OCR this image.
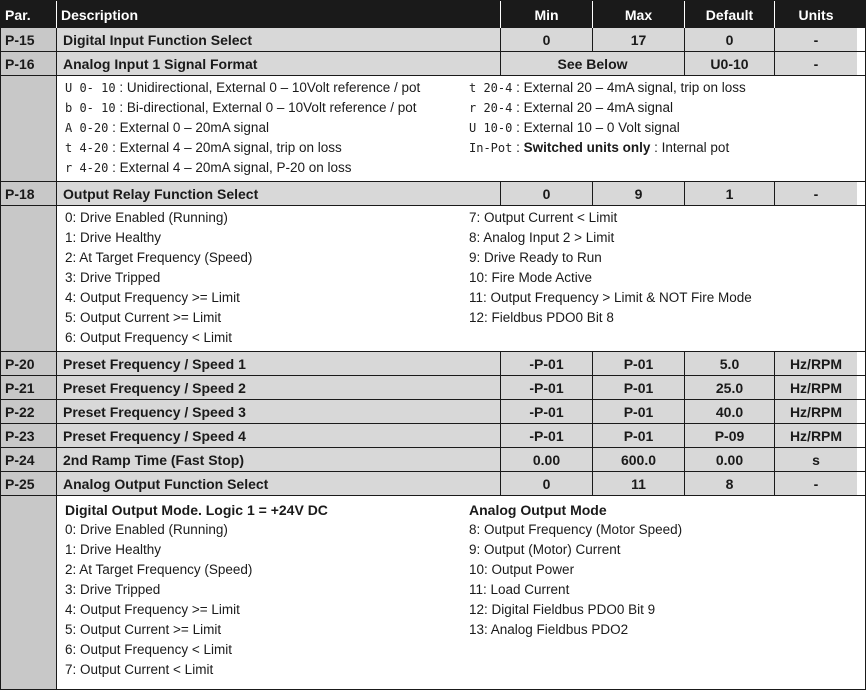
Par.	Description	Min	Max	Default	Units
P-15	Digital Input Function Select	0	17	0	-
P-16	Analog Input 1 Signal Format	See Below	U0-10	-
U 0- 10 : Unidirectional, External 0 – 10Volt reference / pot
b 0- 10 : Bi-directional, External 0 – 10Volt reference / pot
A 0-20 : External 0 – 20mA signal
t 4-20 : External 4 – 20mA signal, trip on loss
r 4-20 : External 4 – 20mA signal, P-20 on loss
t 20-4 : External 20 – 4mA signal, trip on loss
r 20-4 : External 20 – 4mA signal
U 10-0 : External 10 – 0 Volt signal
In-Pot : Switched units only : Internal pot
P-18	Output Relay Function Select	0	9	1	-
0: Drive Enabled (Running)
1: Drive Healthy
2: At Target Frequency (Speed)
3: Drive Tripped
4: Output Frequency >= Limit
5: Output Current >= Limit
6: Output Frequency < Limit
7: Output Current < Limit
8: Analog Input 2 > Limit
9: Drive Ready to Run
10: Fire Mode Active
11: Output Frequency > Limit & NOT Fire Mode
12: Fieldbus PDO0 Bit 8
P-20	Preset Frequency / Speed 1	-P-01	P-01	5.0	Hz/RPM
P-21	Preset Frequency / Speed 2	-P-01	P-01	25.0	Hz/RPM
P-22	Preset Frequency / Speed 3	-P-01	P-01	40.0	Hz/RPM
P-23	Preset Frequency / Speed 4	-P-01	P-01	P-09	Hz/RPM
P-24	2nd Ramp Time (Fast Stop)	0.00	600.0	0.00	s
P-25	Analog Output Function Select	0	11	8	-
Digital Output Mode. Logic 1 = +24V DC
0: Drive Enabled (Running)
1: Drive Healthy
2: At Target Frequency (Speed)
3: Drive Tripped
4: Output Frequency >= Limit
5: Output Current >= Limit
6: Output Frequency < Limit
7: Output Current < Limit
Analog Output Mode
8: Output Frequency (Motor Speed)
9: Output (Motor) Current
10: Output Power
11: Load Current
12: Digital Fieldbus PDO0 Bit 9
13: Analog Fieldbus PDO2
